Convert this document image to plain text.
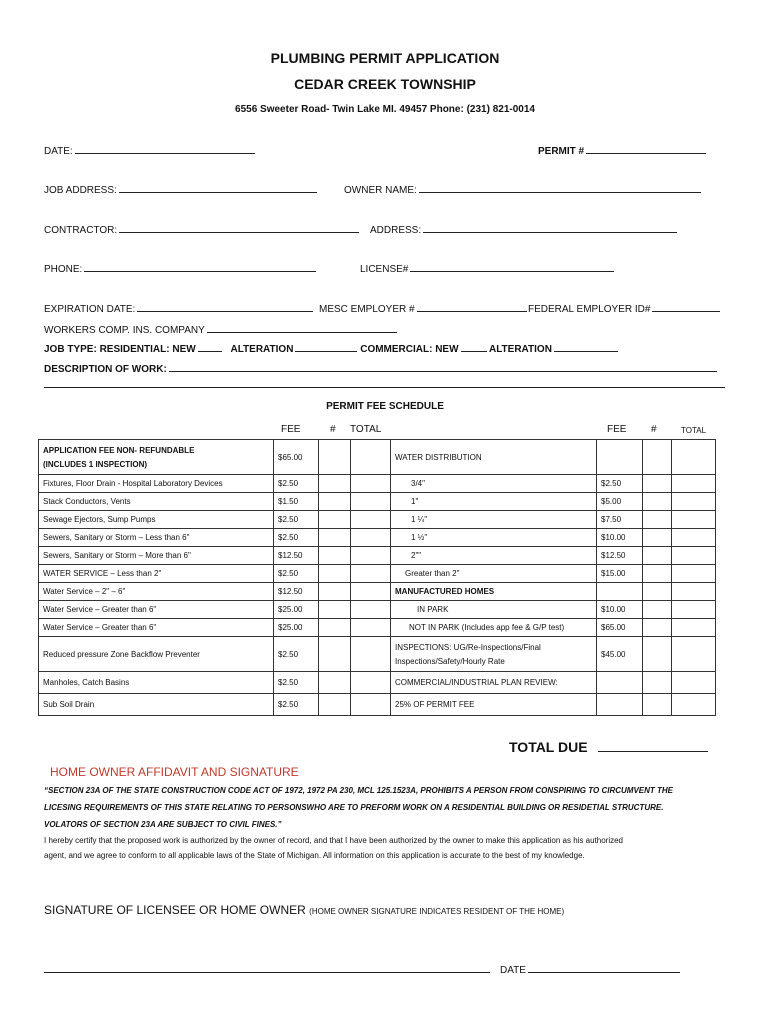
PLUMBING PERMIT APPLICATION
CEDAR CREEK TOWNSHIP
6556 Sweeter Road- Twin Lake MI. 49457 Phone: (231) 821-0014
DATE:	PERMIT #
JOB ADDRESS:	OWNER NAME:
CONTRACTOR:	ADDRESS:
PHONE:	LICENSE#
EXPIRATION DATE:	MESC EMPLOYER #	FEDERAL EMPLOYER ID#
WORKERS COMP. INS. COMPANY
JOB TYPE: RESIDENTIAL: NEW	ALTERATION	COMMERCIAL: NEW	ALTERATION
DESCRIPTION OF WORK:
PERMIT FEE SCHEDULE
FEE	# TOTAL	FEE #	TOTAL
APPLICATION FEE NON- REFUNDABLE
(INCLUDES 1 INSPECTION)	$65.00			WATER DISTRIBUTION			

Fixtures, Floor Drain - Hospital Laboratory Devices	$2.50			3/4"	$2.50		

Stack Conductors, Vents	$1.50			1"	$5.00		

Sewage Ejectors, Sump Pumps	$2.50			1 ¼"	$7.50		

Sewers, Sanitary or Storm – Less than 6"	$2.50			1 ½"	$10.00		

Sewers, Sanitary or Storm – More than 6"	$12.50			2""	$12.50		

WATER SERVICE – Less than 2"	$2.50			Greater than 2"	$15.00		

Water Service – 2" – 6"	$12.50			MANUFACTURED HOMES			

Water Service – Greater than 6"	$25.00			IN PARK	$10.00		

Water Service – Greater than 6"	$25.00			NOT IN PARK (Includes app fee & G/P test)	$65.00		

Reduced pressure Zone Backflow Preventer	$2.50			INSPECTIONS: UG/Re-Inspections/Final
Inspections/Safety/Hourly Rate	$45.00		

Manholes, Catch Basins	$2.50			COMMERCIAL/INDUSTRIAL PLAN REVIEW:			

Sub Soil Drain	$2.50			25% OF PERMIT FEE			

TOTAL DUE
HOME OWNER AFFIDAVIT AND SIGNATURE
“SECTION 23A OF THE STATE CONSTRUCTION CODE ACT OF 1972, 1972 PA 230, MCL 125.1523A, PROHIBITS A PERSON FROM CONSPIRING TO CIRCUMVENT THE
LICESING REQUIREMENTS OF THIS STATE RELATING TO PERSONSWHO ARE TO PREFORM WORK ON A RESIDENTIAL BUILDING OR RESIDETIAL STRUCTURE.
VOLATORS OF SECTION 23A ARE SUBJECT TO CIVIL FINES.”
I hereby certify that the proposed work is authorized by the owner of record, and that I have been authorized by the owner to make this application as his authorized
agent, and we agree to conform to all applicable laws of the State of Michigan. All information on this application is accurate to the best of my knowledge.
SIGNATURE OF LICENSEE OR HOME OWNER (HOME OWNER SIGNATURE INDICATES RESIDENT OF THE HOME)
DATE
